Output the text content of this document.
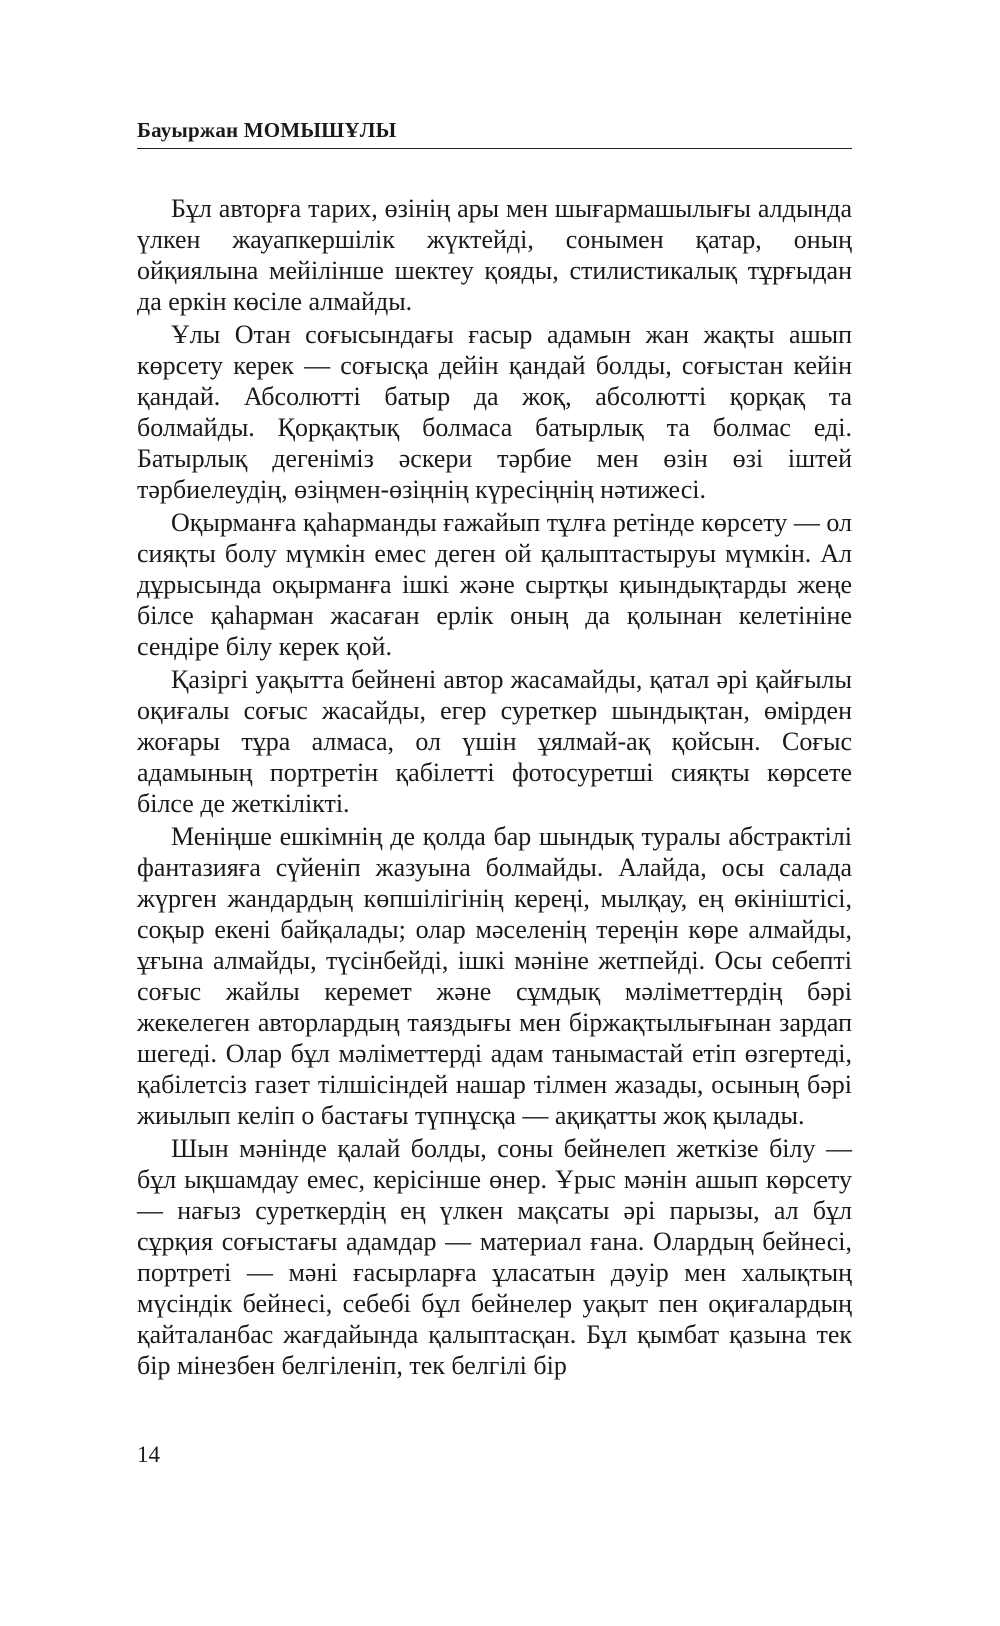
Бауыржан МОМЫШҰЛЫ

Бұл авторға тарих, өзінің ары мен шығармашылығы алдында үлкен жауапкершілік жүктейді, сонымен қатар, оның ойқиялына мейілінше шектеу қояды, стилистикалық тұрғыдан да еркін көсіле алмайды.

Ұлы Отан соғысындағы ғасыр адамын жан жақты ашып көрсету керек — соғысқа дейін қандай болды, соғыстан кейін қандай. Абсолютті батыр да жоқ, абсолютті қорқақ та болмайды. Қорқақтық болмаса батырлық та болмас еді. Батырлық дегеніміз әскери тәрбие мен өзін өзі іштей тәрбиелеудің, өзіңмен-өзіңнің күресіңнің нәтижесі.

Оқырманға қаһарманды ғажайып тұлға ретінде көрсету — ол сияқты болу мүмкін емес деген ой қалыптастыруы мүмкін. Ал дұрысында оқырманға ішкі және сыртқы қиындықтарды жеңе білсе қаһарман жасаған ерлік оның да қолынан келетініне сендіре білу керек қой.

Қазіргі уақытта бейнені автор жасамайды, қатал әрі қайғылы оқиғалы соғыс жасайды, егер суреткер шындықтан, өмірден жоғары тұра алмаса, ол үшін ұялмай-ақ қойсын. Соғыс адамының портретін қабілетті фотосуретші сияқты көрсете білсе де жеткілікті.

Меніңше ешкімнің де қолда бар шындық туралы абстрактілі фантазияға сүйеніп жазуына болмайды. Алайда, осы салада жүрген жандардың көпшілігінің кереңі, мылқау, ең өкініштісі, соқыр екені байқалады; олар мәселенің тереңін көре алмайды, ұғына алмайды, түсінбейді, ішкі мәніне жетпейді. Осы себепті соғыс жайлы керемет және сұмдық мәліметтердің бәрі жекелеген авторлардың таяздығы мен біржақтылығынан зардап шегеді. Олар бұл мәліметтерді адам танымастай етіп өзгертеді, қабілетсіз газет тілшісіндей нашар тілмен жазады, осының бәрі жиылып келіп о бастағы түпнұсқа — ақиқатты жоқ қылады.

Шын мәнінде қалай болды, соны бейнелеп жеткізе білу — бұл ықшамдау емес, керісінше өнер. Ұрыс мәнін ашып көрсету — нағыз суреткердің ең үлкен мақсаты әрі парызы, ал бұл сұрқия соғыстағы адамдар — материал ғана. Олардың бейнесі, портреті — мәні ғасырларға ұласатын дәуір мен халықтың мүсіндік бейнесі, себебі бұл бейнелер уақыт пен оқиғалардың қайталанбас жағдайында қалыптасқан. Бұл қымбат қазына тек бір мінезбен белгіленіп, тек белгілі бір

14
